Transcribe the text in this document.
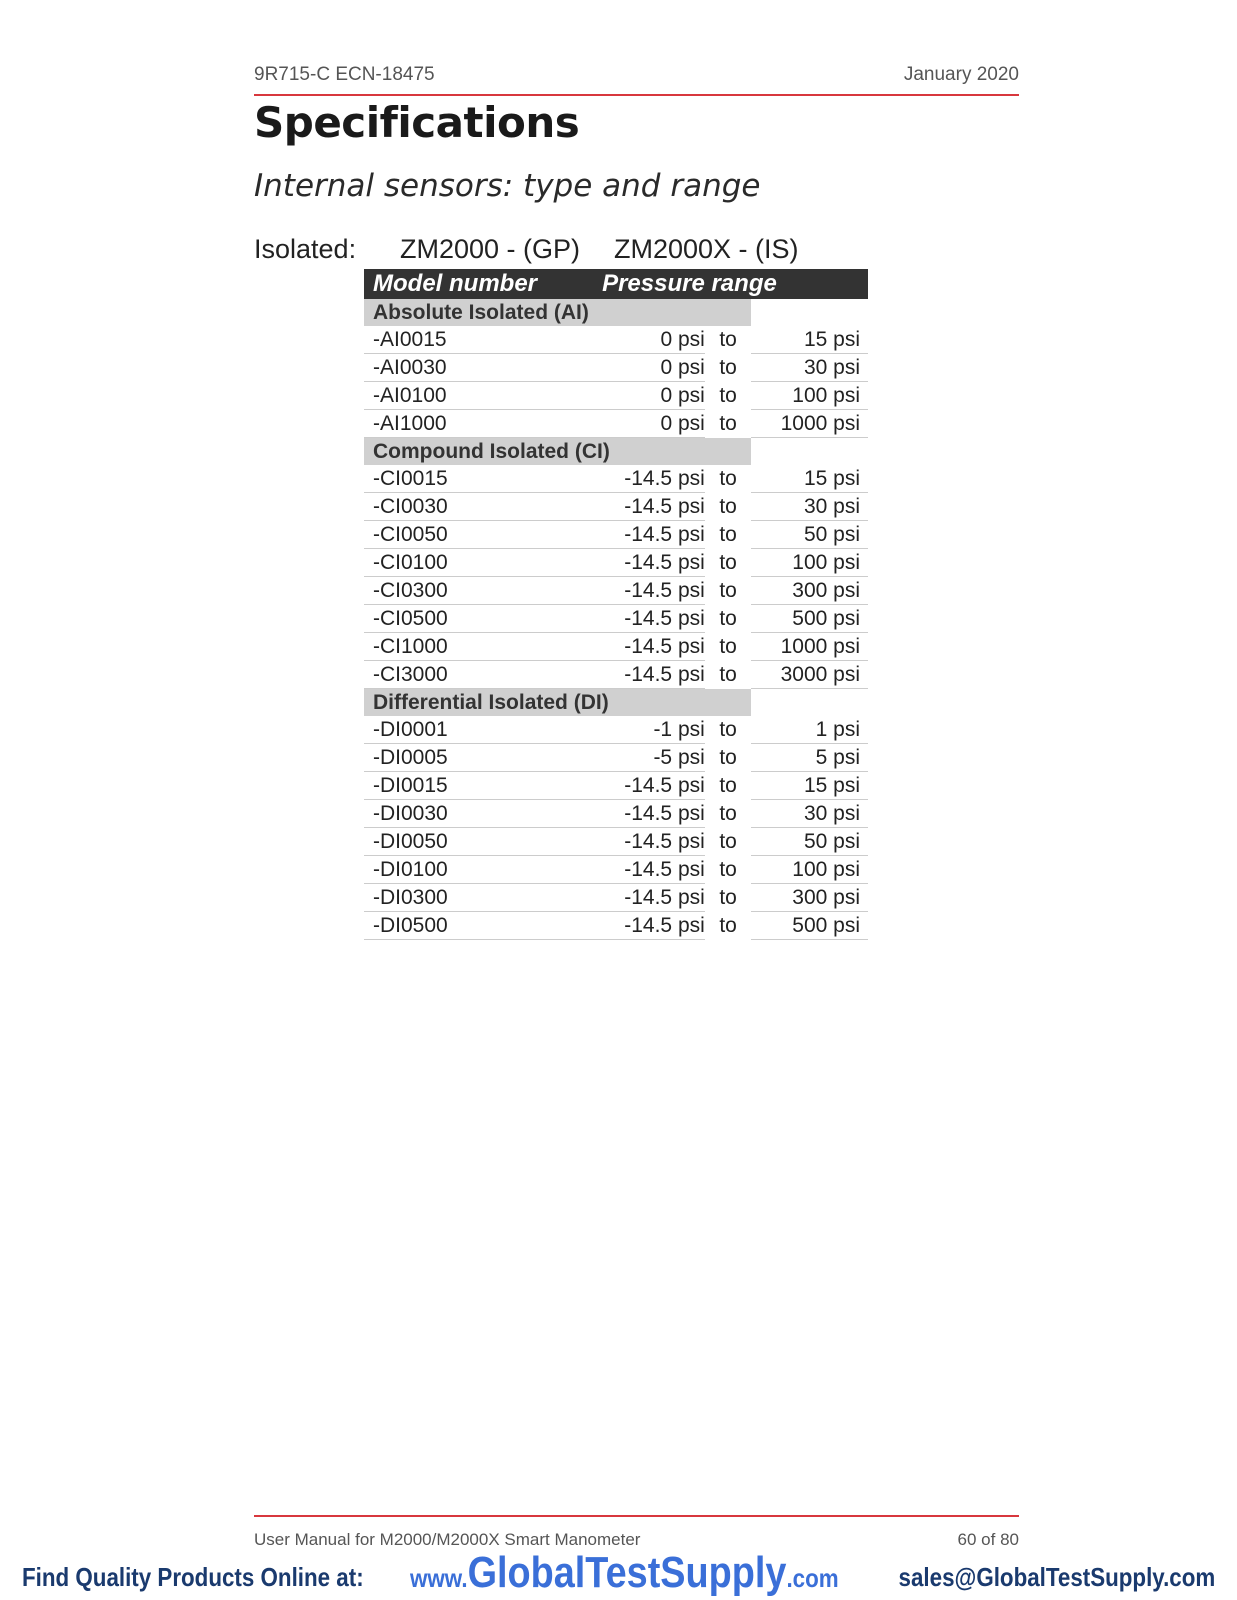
9R715-C ECN-18475	January 2020
Specifications
Internal sensors: type and range
Isolated: ZM2000 - (GP) ZM2000X - (IS)
Model number	Pressure range		
Absolute Isolated (AI)			
-AI0015	0 psi	to	15 psi
-AI0030	0 psi	to	30 psi
-AI0100	0 psi	to	100 psi
-AI1000	0 psi	to	1000 psi
Compound Isolated (CI)			
-CI0015	-14.5 psi	to	15 psi
-CI0030	-14.5 psi	to	30 psi
-CI0050	-14.5 psi	to	50 psi
-CI0100	-14.5 psi	to	100 psi
-CI0300	-14.5 psi	to	300 psi
-CI0500	-14.5 psi	to	500 psi
-CI1000	-14.5 psi	to	1000 psi
-CI3000	-14.5 psi	to	3000 psi
Differential Isolated (DI)			
-DI0001	-1 psi	to	1 psi
-DI0005	-5 psi	to	5 psi
-DI0015	-14.5 psi	to	15 psi
-DI0030	-14.5 psi	to	30 psi
-DI0050	-14.5 psi	to	50 psi
-DI0100	-14.5 psi	to	100 psi
-DI0300	-14.5 psi	to	300 psi
-DI0500	-14.5 psi	to	500 psi
User Manual for M2000/M2000X Smart Manometer	60 of 80
Find Quality Products Online at: www.GlobalTestSupply.com sales@GlobalTestSupply.com
